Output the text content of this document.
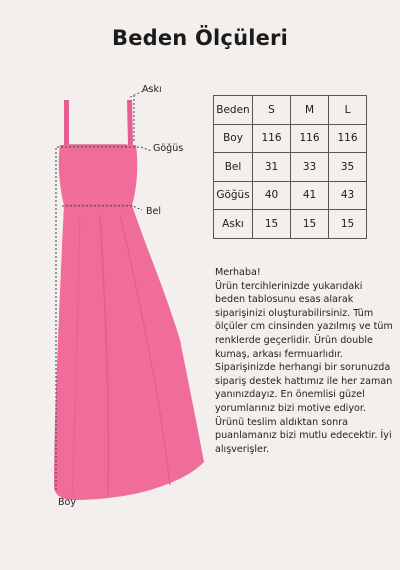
Beden Ölçüleri
Askı
Göğüs
Bel
Boy
Beden	S	M	L
Boy	116	116	116
Bel	31	33	35
Göğüs	40	41	43
Askı	15	15	15

Merhaba!

Ürün tercihlerinizde yukarıdaki beden tablosunu esas alarak siparişinizi oluşturabilirsiniz. Tüm ölçüler cm cinsinden yazılmış ve tüm renklerde geçerlidir. Ürün double kumaş, arkası fermuarlıdır. Siparişinizde herhangi bir sorunuzda sipariş destek hattımız ile her zaman yanınızdayız. En önemlisi güzel yorumlarınız bizi motive ediyor. Ürünü teslim aldıktan sonra puanlamanız bizi mutlu edecektir. İyi alışverişler.
